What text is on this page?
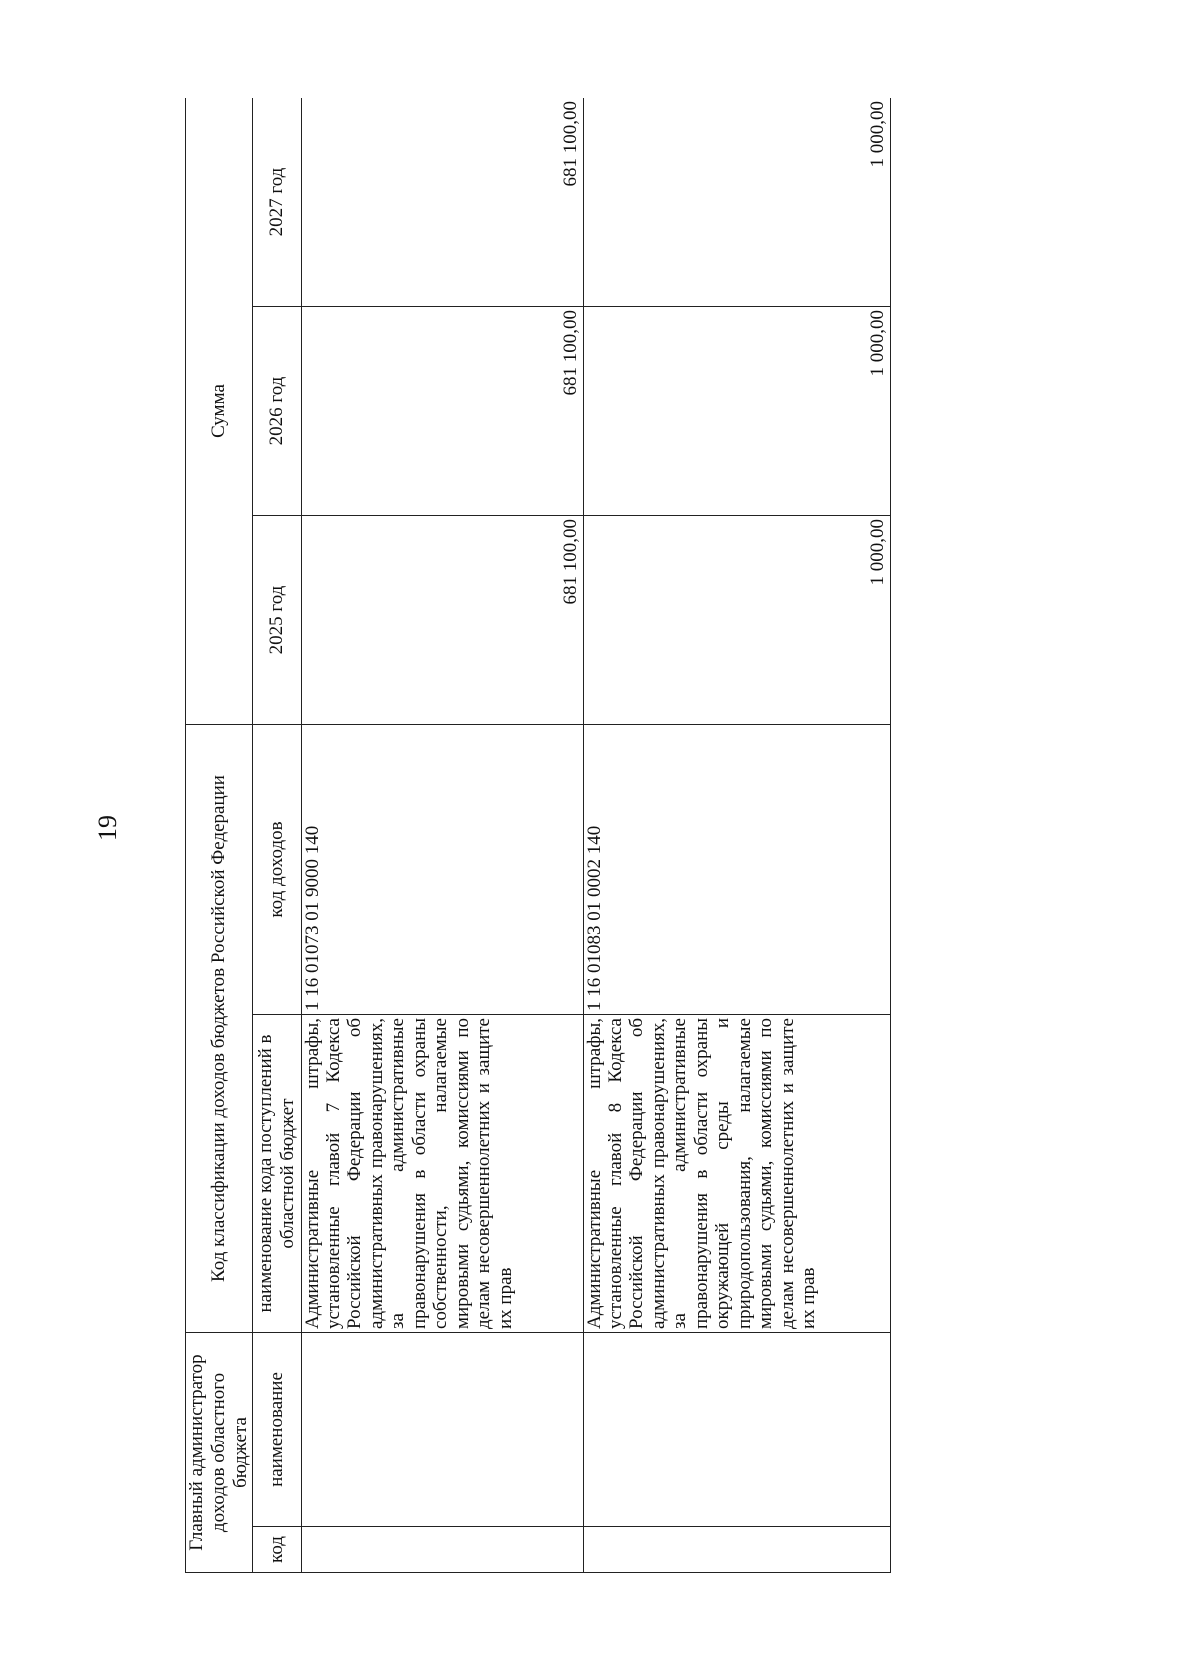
19
Главный администратор доходов областного бюджета		Код классификации доходов бюджетов Российской Федерации		Сумма		
код	наименование	наименование кода поступлений в областной бюджет	код доходов	2025 год	2026 год	2027 год
		Административные штрафы, установленные главой 7 Кодекса Российской Федерации об административных правонарушениях, за административные правонарушения в области охраны собственности, налагаемые мировыми судьями, комиссиями по делам несовершеннолетних и защите их прав	1 16 01073 01 9000 140	681 100,00	681 100,00	681 100,00
		Административные штрафы, установленные главой 8 Кодекса Российской Федерации об административных правонарушениях, за административные правонарушения в области охраны окружающей среды и природопользования, налагаемые мировыми судьями, комиссиями по делам несовершеннолетних и защите их прав	1 16 01083 01 0002 140	1 000,00	1 000,00	1 000,00
